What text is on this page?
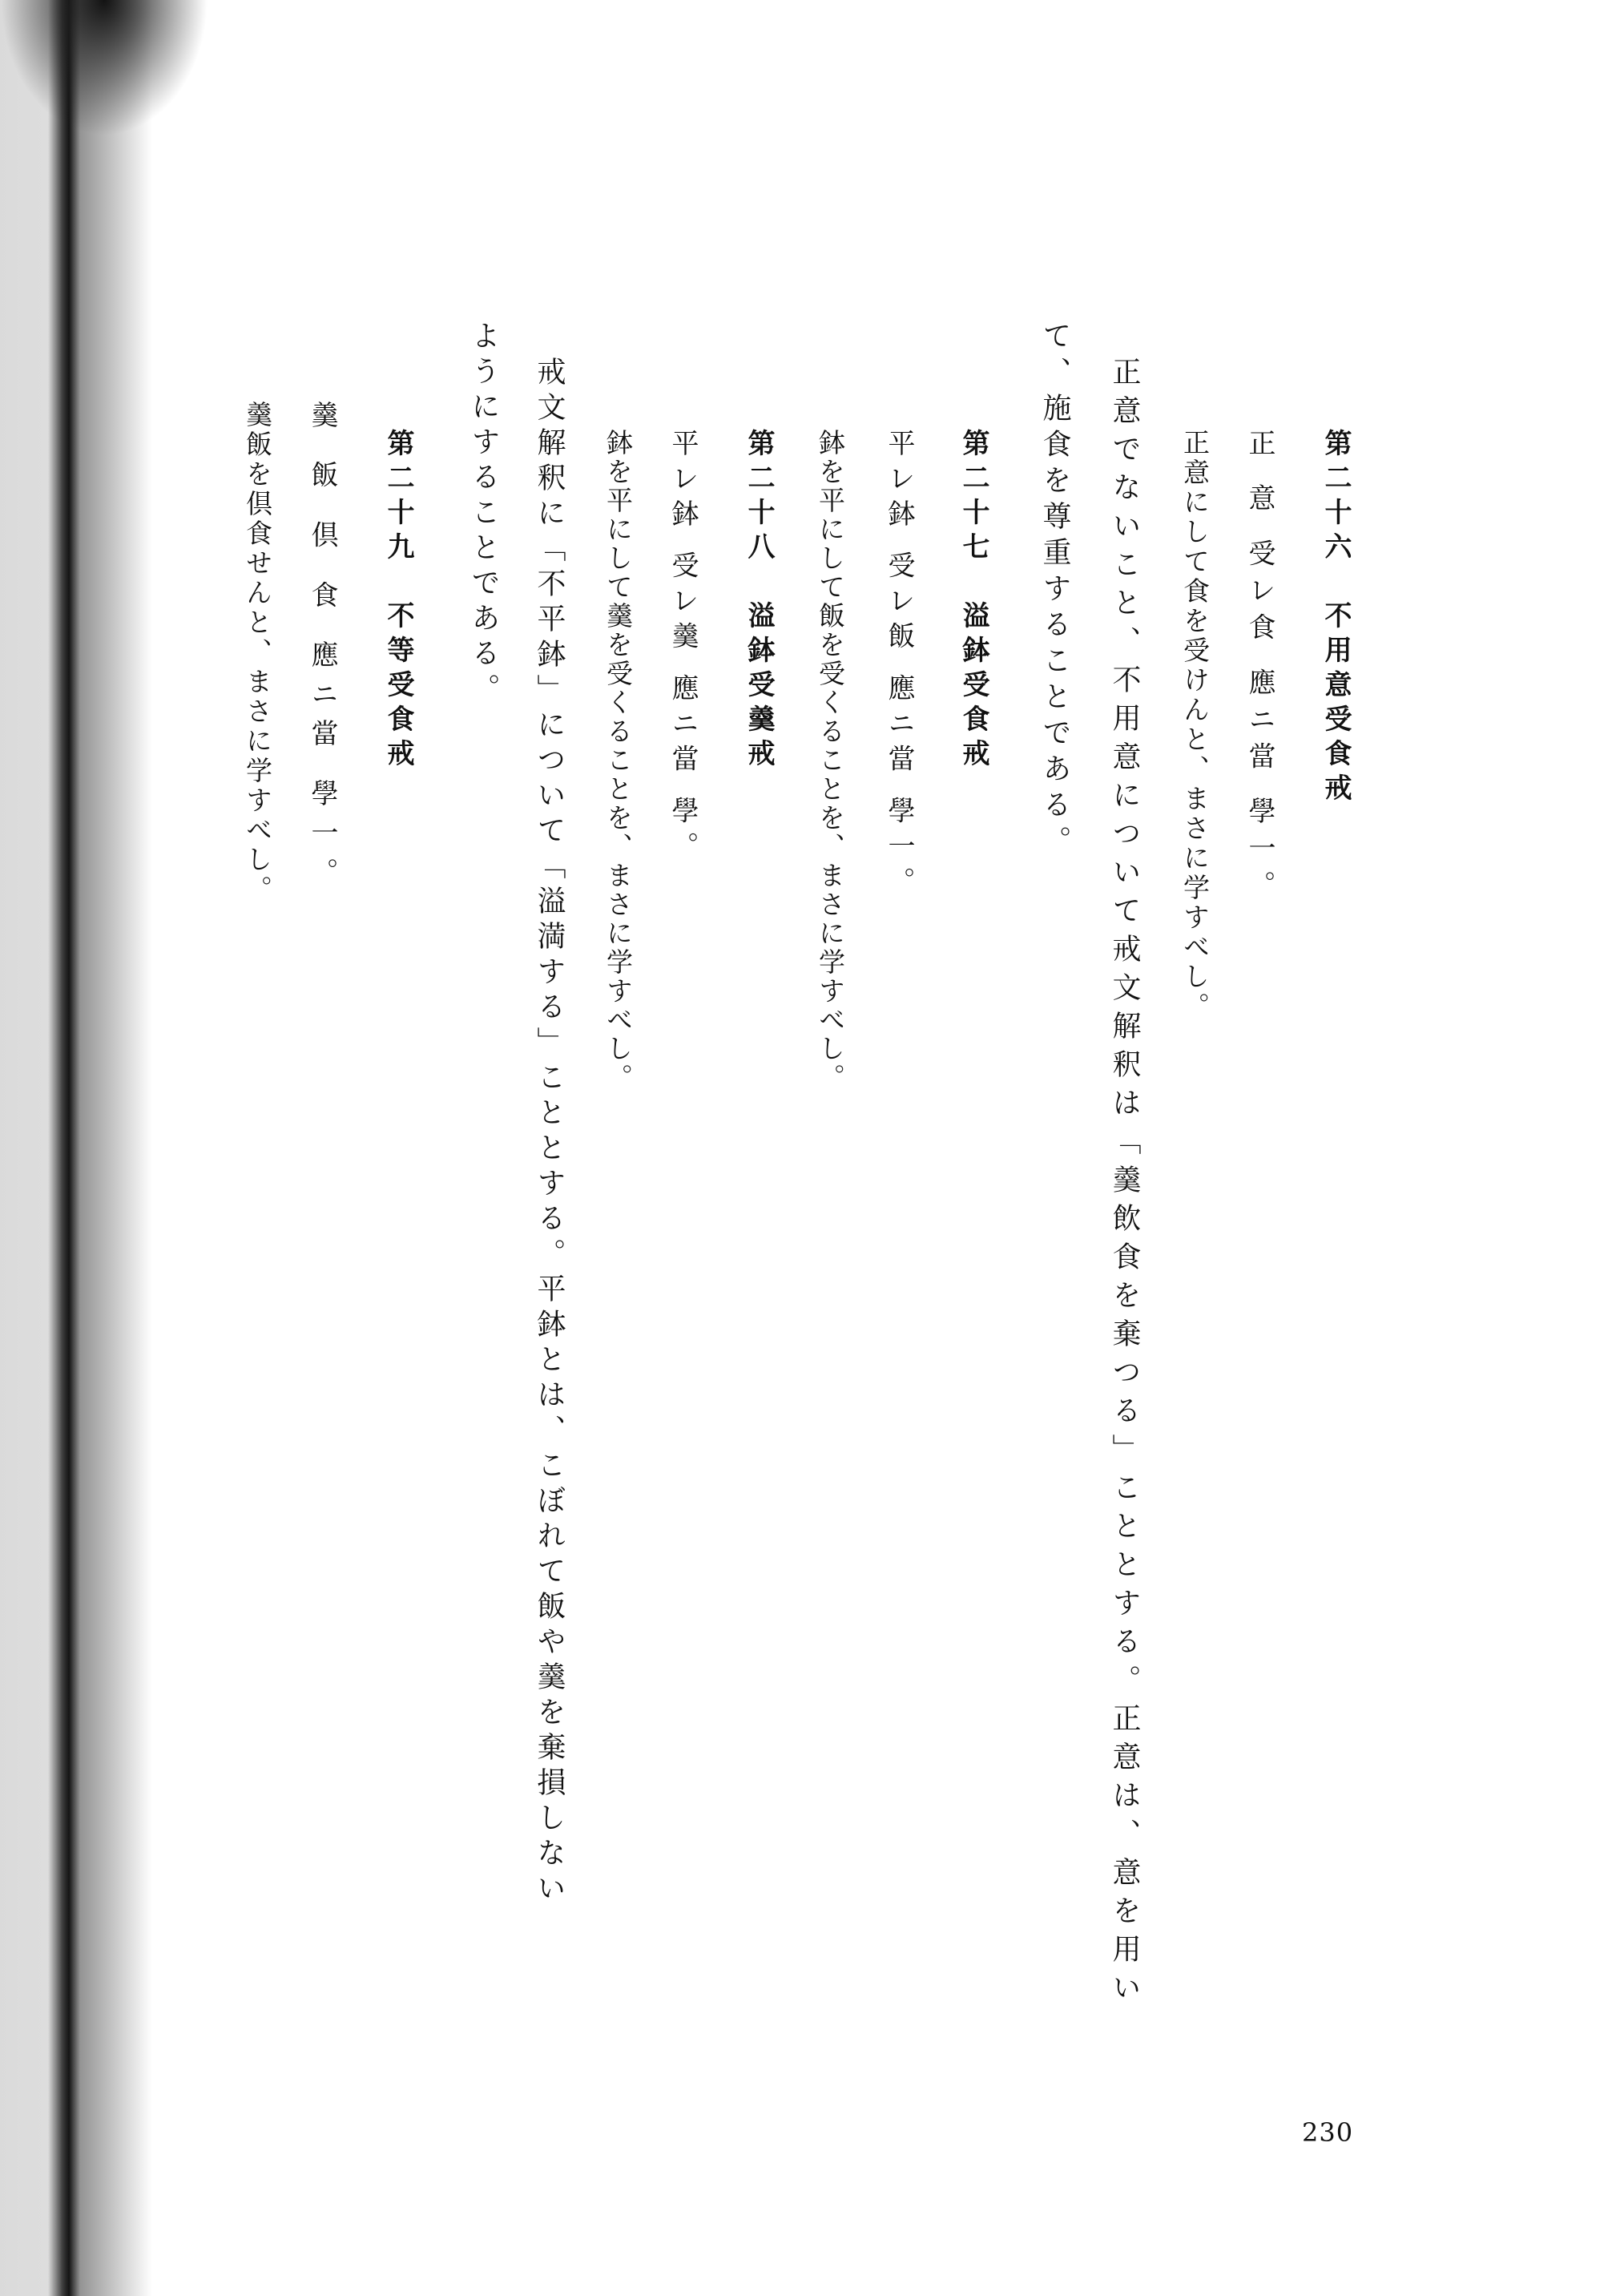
第二十六　不用意受食戒
正 意 受レ食 應ニ當 學一。
正意にして食を受けんと、まさに学すべし。
正意でないこと、不用意について戒文解釈は「羹飲食を棄つる」こととする。正意は、意を用い
て、施食を尊重することである。
第二十七　溢鉢受食戒
平レ鉢 受レ飯 應ニ當 學一。
鉢を平にして飯を受くることを、まさに学すべし。
第二十八　溢鉢受羹戒
平レ鉢 受レ羹 應ニ當 學。
鉢を平にして羹を受くることを、まさに学すべし。
戒文解釈に「不平鉢」について「溢満する」こととする。平鉢とは、こぼれて飯や羹を棄損しない
ようにすることである。
第二十九　不等受食戒
羹 飯 倶 食 應ニ當 學一。
羹飯を倶食せんと、まさに学すべし。
230
